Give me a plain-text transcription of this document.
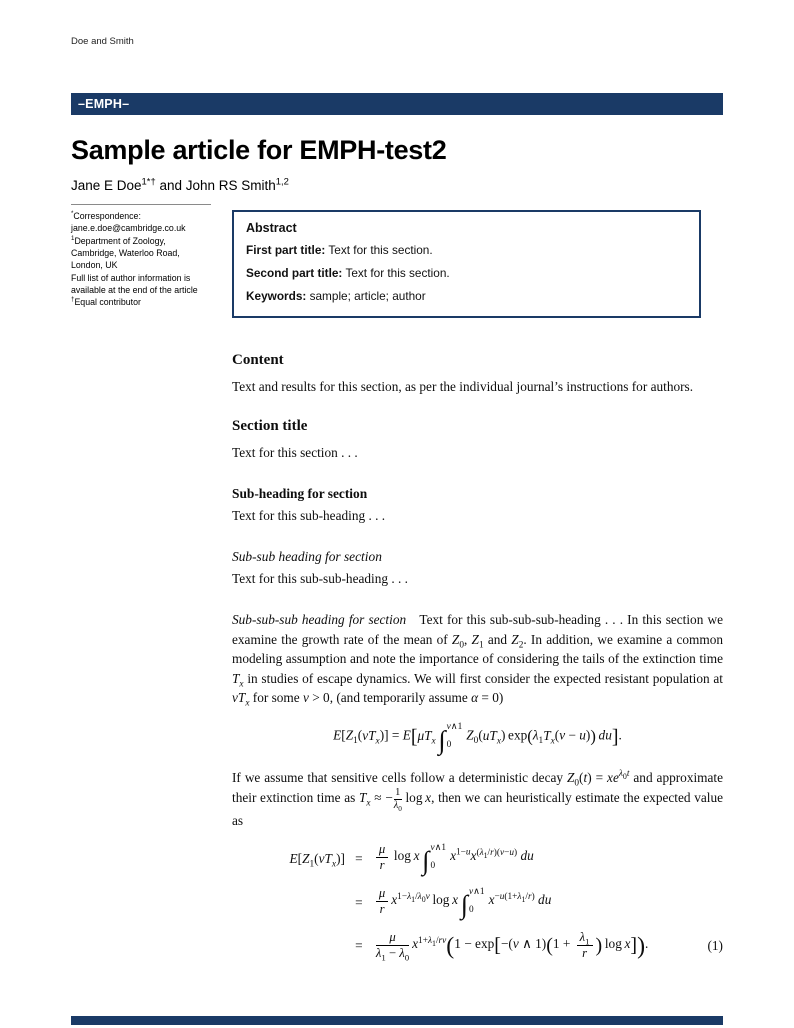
Doe and Smith
–EMPH–
Sample article for EMPH-test2
Jane E Doe$^{1*\dagger}$ and John RS Smith$^{1,2}$
*Correspondence:
jane.e.doe@cambridge.co.uk
$^1$Department of Zoology,
Cambridge, Waterloo Road,
London, UK
Full list of author information is
available at the end of the article
†Equal contributor
Abstract
First part title: Text for this section.
Second part title: Text for this section.
Keywords: sample; article; author
Content

Text and results for this section, as per the individual journal’s instructions for authors.

Section title

Text for this section . . .

Sub-heading for section

Text for this sub-heading . . .

Sub-sub heading for section

Text for this sub-sub-heading . . .

Sub-sub-sub heading for section Text for this sub-sub-sub-heading . . . In this section we examine the growth rate of the mean of $Z_0$, $Z_1$ and $Z_2$. In addition, we examine a common modeling assumption and note the importance of considering the tails of the extinction time $T_x$ in studies of escape dynamics. We will first consider the expected resistant population at $vT_x$ for some v > 0, (and temporarily assume α = 0)

$E[Z_1(vT_x)] = E[\mu T_x$  ∫ v∧1
0
$Z_0(uT_x) \exp(\lambda_1T_x(v - u))$  du].

If we assume that sensitive cells follow a deterministic decay $Z_0(t) = xe^{\lambda_0t}$ and approximate their extinction time as $T_x$ ≈ − $\frac{1}{\lambda_0}$  log x, then we can heuristically estimate the expected value as

$E[Z_1(vT_x)]$	=	$\frac{\mu}{r}$  log x  ∫ v∧1
0
$x^{1-u}x^{(\lambda_1/r)(v-u)}$ du	
	=	$\frac{\mu}{r} x^{1-\lambda_1/\lambda_0v}$ log x  ∫ v∧1
0
$x^{-u(1+\lambda_1/r)}$ du	
	=	$\frac{\mu}{\lambda_1 - \lambda_0} x^{1+\lambda_1/rv}(1 - \exp[-(v$ ∧ $1)(1 + \frac{\lambda_1}{r}$ ) log x]).	(1)
